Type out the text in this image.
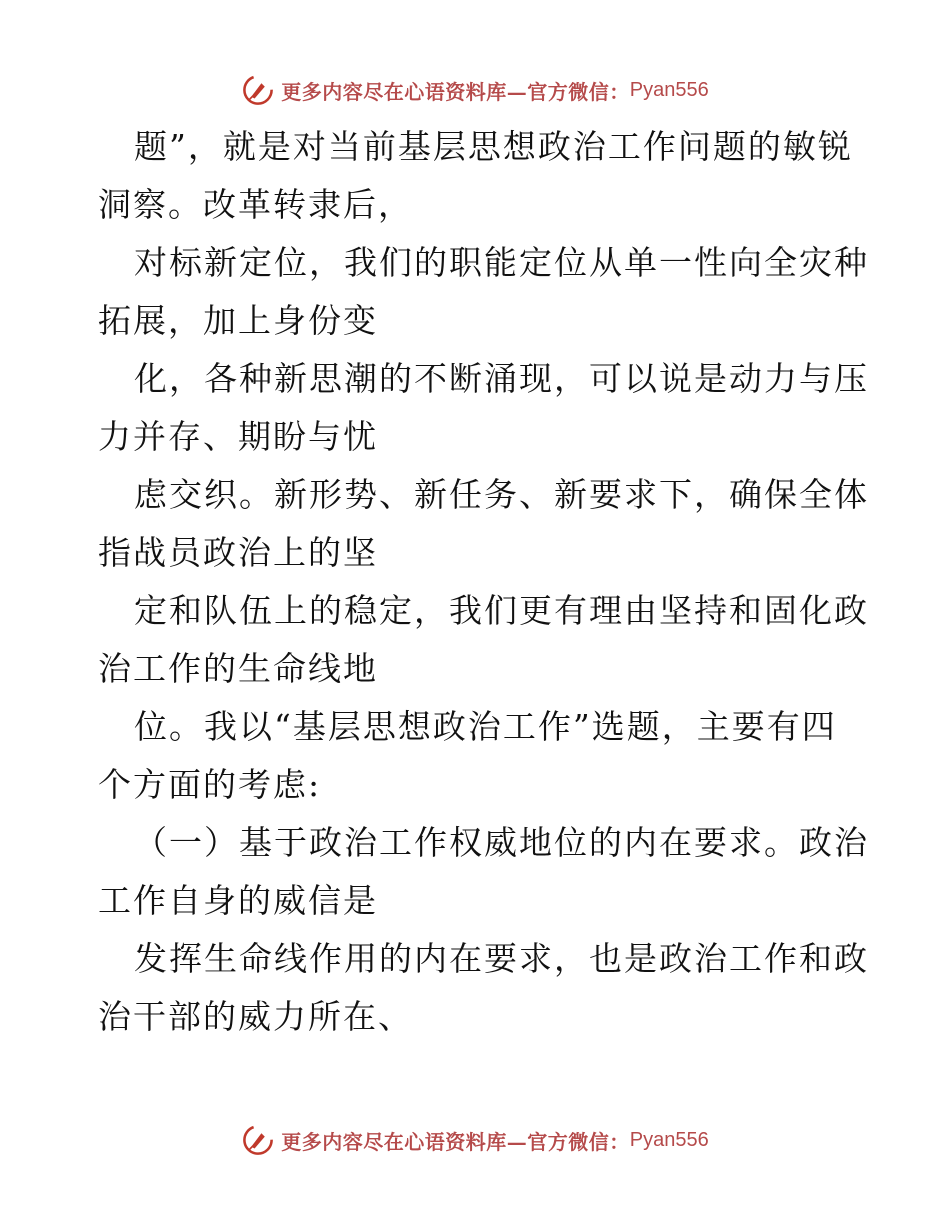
更多内容尽在心语资料库—官方微信： Pyan556
题”，就是对当前基层思想政治工作问题的敏锐
洞察。改革转隶后，
对标新定位，我们的职能定位从单一性向全灾种
拓展，加上身份变
化，各种新思潮的不断涌现，可以说是动力与压
力并存、期盼与忧
虑交织。新形势、新任务、新要求下，确保全体
指战员政治上的坚
定和队伍上的稳定，我们更有理由坚持和固化政
治工作的生命线地
位。我以“基层思想政治工作”选题，主要有四
个方面的考虑:
（一）基于政治工作权威地位的内在要求。政治
工作自身的威信是
发挥生命线作用的内在要求，也是政治工作和政
治干部的威力所在、
更多内容尽在心语资料库—官方微信： Pyan556
